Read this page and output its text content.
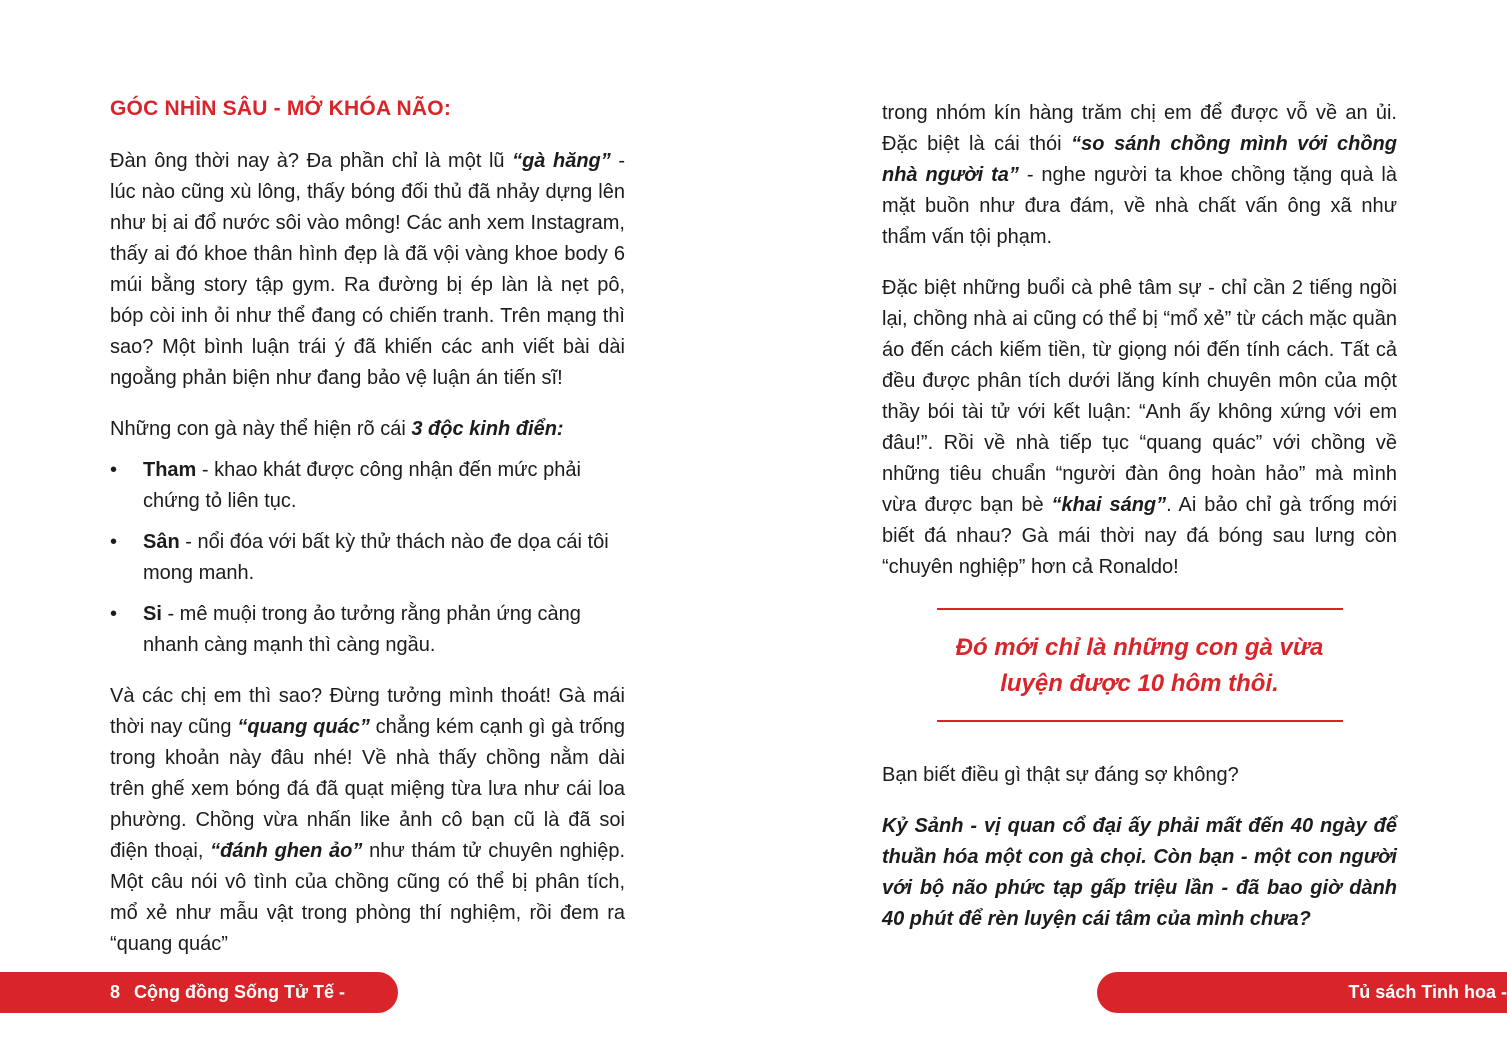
GÓC NHÌN SÂU - MỞ KHÓA NÃO:

Đàn ông thời nay à? Đa phần chỉ là một lũ “gà hăng” - lúc nào cũng xù lông, thấy bóng đối thủ đã nhảy dựng lên như bị ai đổ nước sôi vào mông! Các anh xem Instagram, thấy ai đó khoe thân hình đẹp là đã vội vàng khoe body 6 múi bằng story tập gym. Ra đường bị ép làn là nẹt pô, bóp còi inh ỏi như thể đang có chiến tranh. Trên mạng thì sao? Một bình luận trái ý đã khiến các anh viết bài dài ngoằng phản biện như đang bảo vệ luận án tiến sĩ!

Những con gà này thể hiện rõ cái 3 độc kinh điển:

• Tham - khao khát được công nhận đến mức phải chứng tỏ liên tục.
• Sân - nổi đóa với bất kỳ thử thách nào đe dọa cái tôi mong manh.
• Si - mê muội trong ảo tưởng rằng phản ứng càng nhanh càng mạnh thì càng ngầu.

Và các chị em thì sao? Đừng tưởng mình thoát! Gà mái thời nay cũng “quang quác” chẳng kém cạnh gì gà trống trong khoản này đâu nhé! Về nhà thấy chồng nằm dài trên ghế xem bóng đá đã quạt miệng từa lưa như cái loa phường. Chồng vừa nhấn like ảnh cô bạn cũ là đã soi điện thoại, “đánh ghen ảo” như thám tử chuyên nghiệp. Một câu nói vô tình của chồng cũng có thể bị phân tích, mổ xẻ như mẫu vật trong phòng thí nghiệm, rồi đem ra “quang quác”

trong nhóm kín hàng trăm chị em để được vỗ về an ủi. Đặc biệt là cái thói “so sánh chồng mình với chồng nhà người ta” - nghe người ta khoe chồng tặng quà là mặt buồn như đưa đám, về nhà chất vấn ông xã như thẩm vấn tội phạm.

Đặc biệt những buổi cà phê tâm sự - chỉ cần 2 tiếng ngồi lại, chồng nhà ai cũng có thể bị “mổ xẻ” từ cách mặc quần áo đến cách kiếm tiền, từ giọng nói đến tính cách. Tất cả đều được phân tích dưới lăng kính chuyên môn của một thầy bói tài tử với kết luận: “Anh ấy không xứng với em đâu!”. Rồi về nhà tiếp tục “quang quác” với chồng về những tiêu chuẩn “người đàn ông hoàn hảo” mà mình vừa được bạn bè “khai sáng”. Ai bảo chỉ gà trống mới biết đá nhau? Gà mái thời nay đá bóng sau lưng còn “chuyên nghiệp” hơn cả Ronaldo!

Đó mới chỉ là những con gà vừa
luyện được 10 hôm thôi.

Bạn biết điều gì thật sự đáng sợ không?

Kỷ Sảnh - vị quan cổ đại ấy phải mất đến 40 ngày để thuần hóa một con gà chọi. Còn bạn - một con người với bộ não phức tạp gấp triệu lần - đã bao giờ dành 40 phút để rèn luyện cái tâm của mình chưa?

8 Cộng đồng Sống Tử Tế - Gnh.vn
Tủ sách Tinh hoa - Gnh.vn/tusach 9
